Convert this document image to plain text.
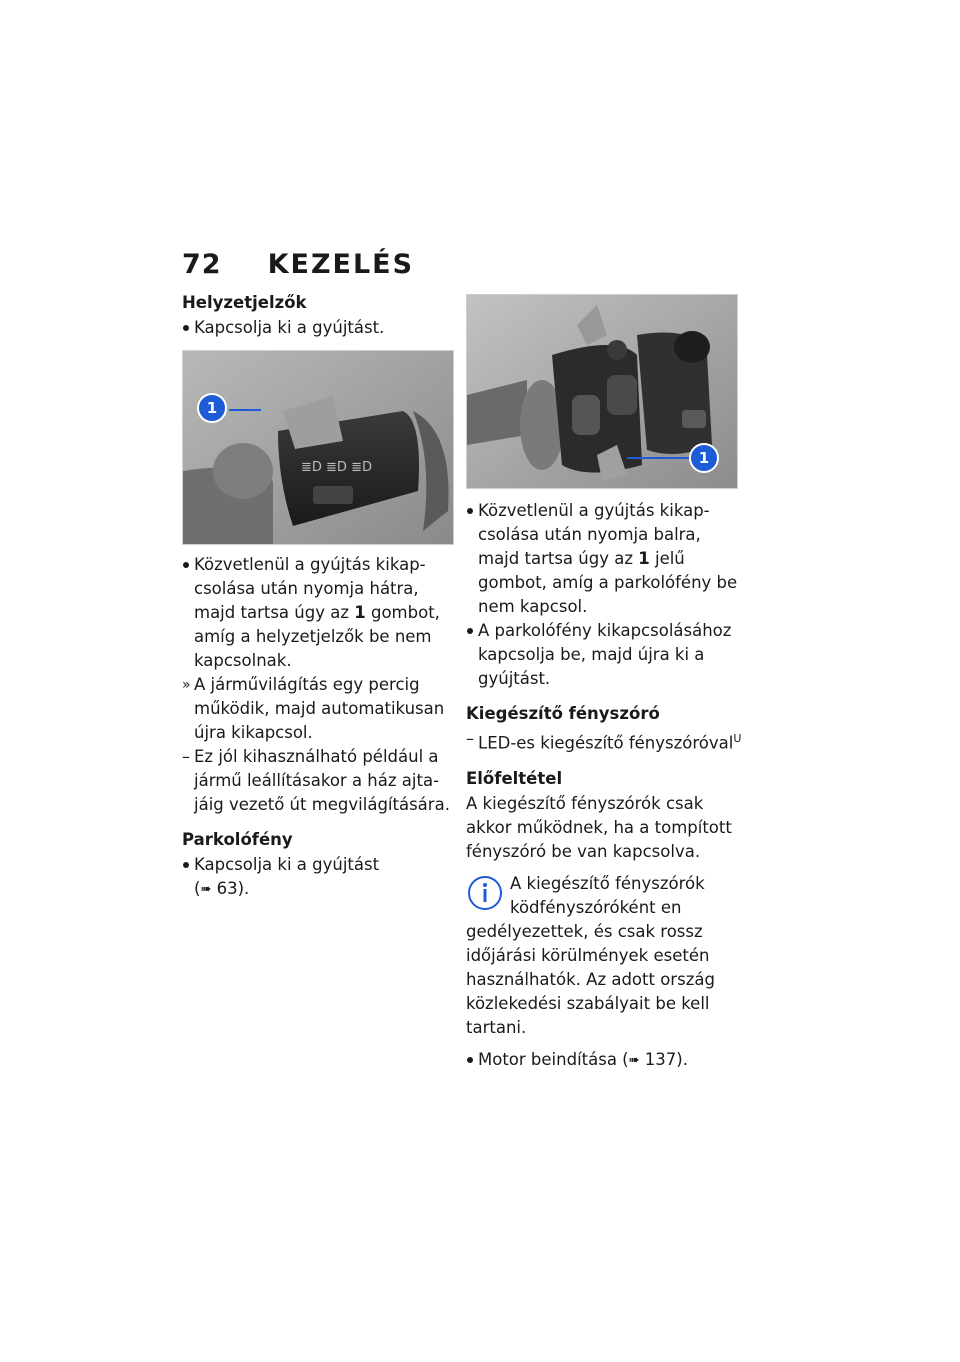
72 KEZELÉS

Helyzetjelzők

Kapcsolja ki a gyújtást.
≣D ≣D ≣D
1
Közvetlenül a gyújtás kikapcsolása után nyomja hátra, majd tartsa úgy az 1 gombot, amíg a helyzetjelzők be nem kapcsolnak.
» A járművilágítás egy percig működik, majd automatikusan újra kikapcsol.
– Ez jól kihasználható például a jármű leállításakor a ház ajtajáig vezető út megvilágítására.

Parkolófény

Kapcsolja ki a gyújtást
(➠ 63).
1
Közvetlenül a gyújtás kikapcsolása után nyomja balra, majd tartsa úgy az 1 jelű gombot, amíg a parkolófény be nem kapcsol.
A parkolófény kikapcsolásához kapcsolja be, majd újra ki a gyújtást.

Kiegészítő fényszóró

– LED-es kiegészítő fényszóróval$^U$

Előfeltétel

A kiegészítő fényszórók csak akkor működnek, ha a tompított fényszóró be van kapcsolva.

A kiegészítő fényszórók
ködfényszóróként en
gedélyezettek, és csak rossz időjárási körülmények esetén használhatók. Az adott ország közlekedési szabályait be kell tartani.
Motor beindítása (➠ 137).
